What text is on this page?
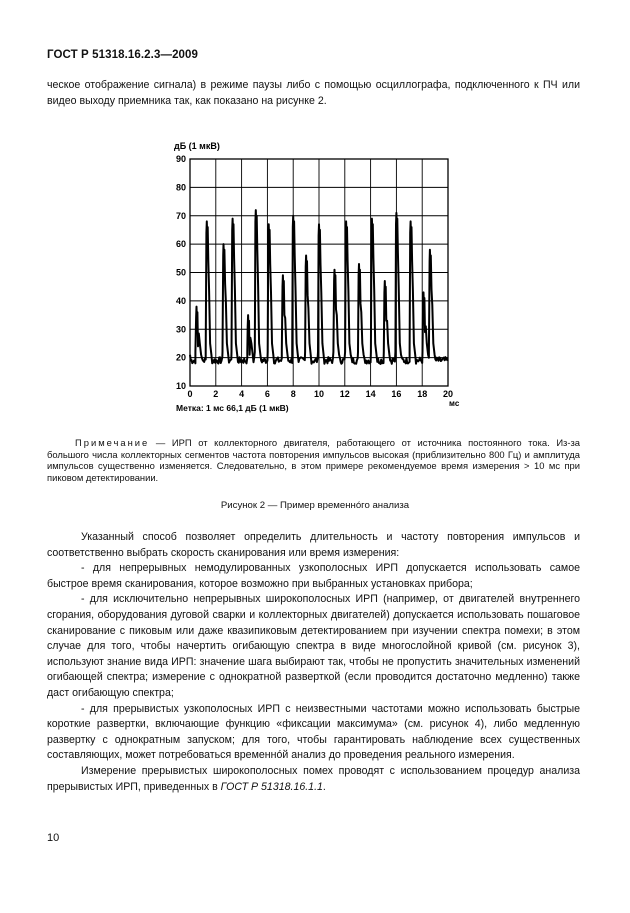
ГОСТ Р 51318.16.2.3—2009
ческое отображение сигнала) в режиме паузы либо с помощью осциллографа, подключенного к ПЧ или видео выходу приемника так, как показано на рисунке 2.
дБ (1 мкВ)
90
80
70
60
50
40
30
20
10
0 2 4 6 8 10 12 14 16 18 20
мс
Метка: 1 мс 66,1 дБ (1 мкВ)
Примечание — ИРП от коллекторного двигателя, работающего от источника постоянного тока. Из-за большого числа коллекторных сегментов частота повторения импульсов высокая (приблизительно 800 Гц) и амплитуда импульсов существенно изменяется. Следовательно, в этом примере рекомендуемое время измерения > 10 мс при пиковом детектировании.
Рисунок 2 — Пример временнóго анализа

Указанный способ позволяет определить длительность и частоту повторения импульсов и соответственно выбрать скорость сканирования или время измерения:

- для непрерывных немодулированных узкополосных ИРП допускается использовать самое быстрое время сканирования, которое возможно при выбранных установках прибора;

- для исключительно непрерывных широкополосных ИРП (например, от двигателей внутреннего сгорания, оборудования дуговой сварки и коллекторных двигателей) допускается использовать пошаговое сканирование с пиковым или даже квазипиковым детектированием при изучении спектра помехи; в этом случае для того, чтобы начертить огибающую спектра в виде многослойной кривой (см. рисунок 3), используют знание вида ИРП: значение шага выбирают так, чтобы не пропустить значительных изменений огибающей спектра; измерение с однократной разверткой (если проводится достаточно медленно) также даст огибающую спектра;

- для прерывистых узкополосных ИРП с неизвестными частотами можно использовать быстрые короткие развертки, включающие функцию «фиксации максимума» (см. рисунок 4), либо медленную развертку с однократным запуском; для того, чтобы гарантировать наблюдение всех существенных составляющих, может потребоваться временнóй анализ до проведения реального измерения.

Измерение прерывистых широкополосных помех проводят с использованием процедур анализа прерывистых ИРП, приведенных в ГОСТ Р 51318.16.1.1.

10
